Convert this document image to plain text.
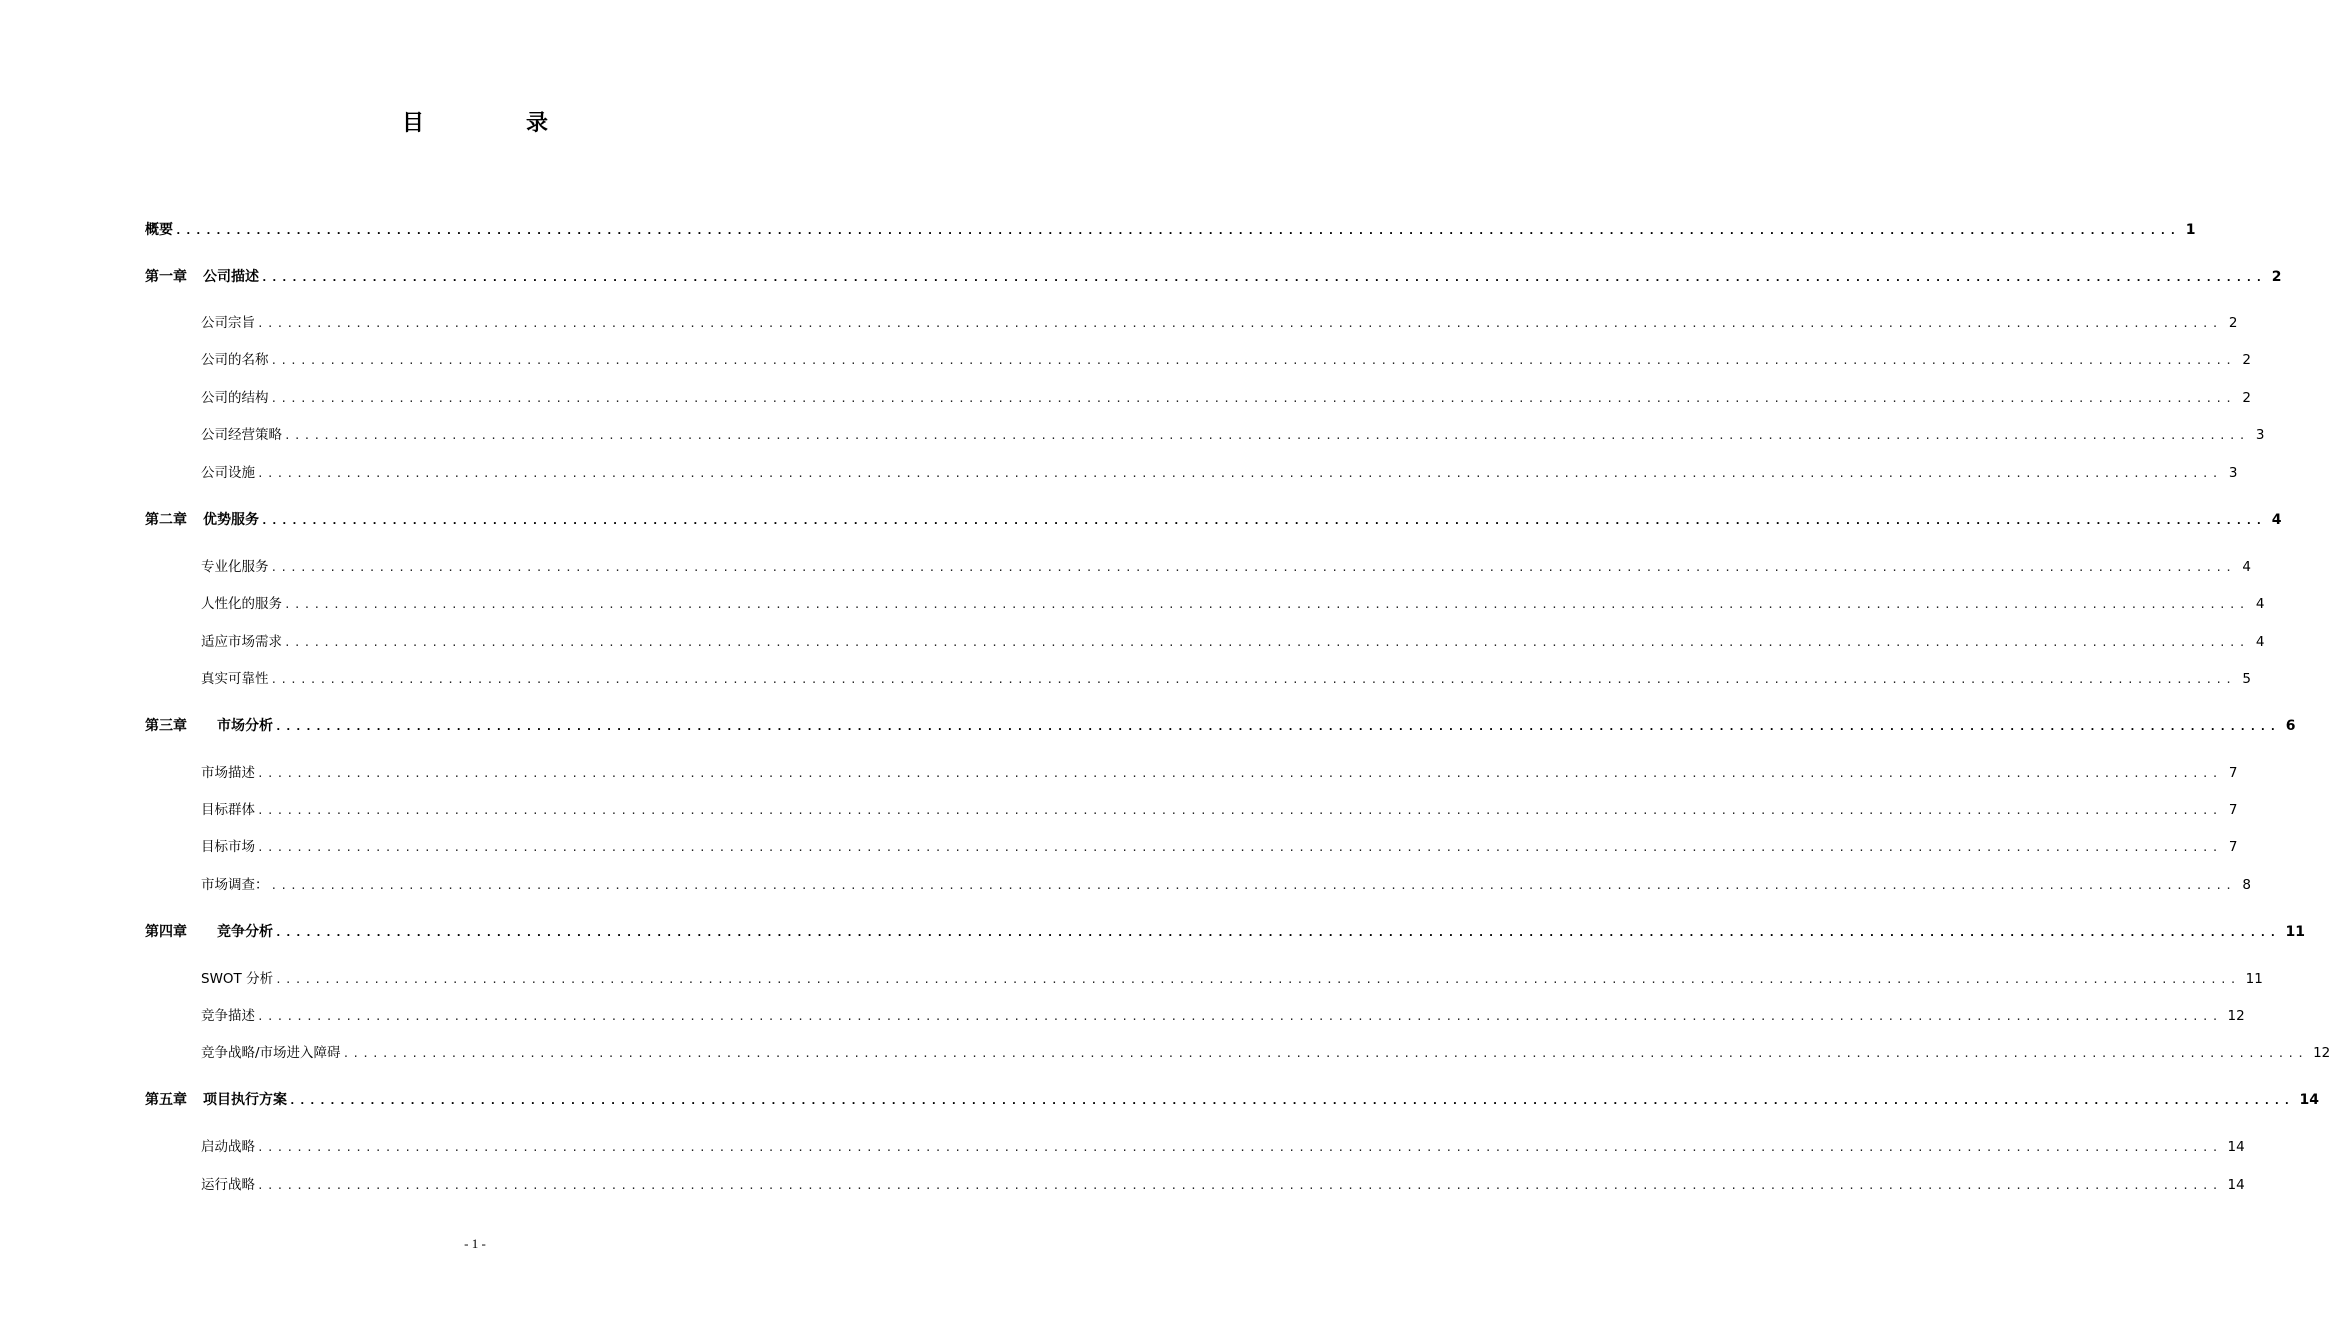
目　录
概要 ........................................................................................................................................................................................................ 1
第一章 公司描述 ........................................................................................................................................................................................................ 2
公司宗旨 ........................................................................................................................................................................................................ 2
公司的名称 ........................................................................................................................................................................................................ 2
公司的结构 ........................................................................................................................................................................................................ 2
公司经营策略 ........................................................................................................................................................................................................ 3
公司设施 ........................................................................................................................................................................................................ 3
第二章 优势服务 ........................................................................................................................................................................................................ 4
专业化服务 ........................................................................................................................................................................................................ 4
人性化的服务 ........................................................................................................................................................................................................ 4
适应市场需求 ........................................................................................................................................................................................................ 4
真实可靠性 ........................................................................................................................................................................................................ 5
第三章 市场分析 ........................................................................................................................................................................................................ 6
市场描述 ........................................................................................................................................................................................................ 7
目标群体 ........................................................................................................................................................................................................ 7
目标市场 ........................................................................................................................................................................................................ 7
市场调查： ........................................................................................................................................................................................................ 8
第四章 竞争分析 ........................................................................................................................................................................................................ 11
SWOT 分析 ........................................................................................................................................................................................................ 11
竞争描述 ........................................................................................................................................................................................................ 12
竞争战略/市场进入障碍 ........................................................................................................................................................................................................ 12
第五章 项目执行方案 ........................................................................................................................................................................................................ 14
启动战略 ........................................................................................................................................................................................................ 14
运行战略 ........................................................................................................................................................................................................ 14
- 1 -
